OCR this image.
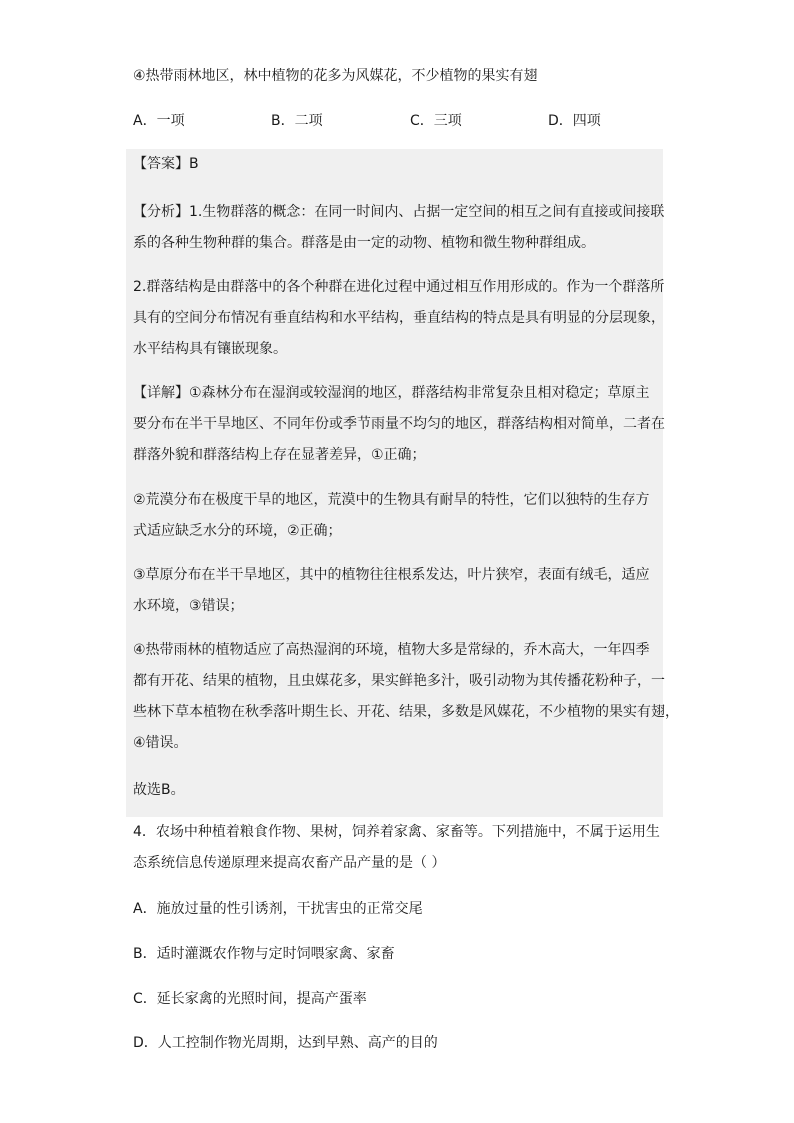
④热带雨林地区，林中植物的花多为风媒花，不少植物的果实有翅
A．一项	B．二项	C．三项	D．四项
【答案】B
【分析】1.生物群落的概念：在同一时间内、占据一定空间的相互之间有直接或间接联
系的各种生物种群的集合。群落是由一定的动物、植物和微生物种群组成。
2.群落结构是由群落中的各个种群在进化过程中通过相互作用形成的。作为一个群落所
具有的空间分布情况有垂直结构和水平结构，垂直结构的特点是具有明显的分层现象，
水平结构具有镶嵌现象。
【详解】①森林分布在湿润或较湿润的地区，群落结构非常复杂且相对稳定；草原主
要分布在半干旱地区、不同年份或季节雨量不均匀的地区，群落结构相对简单，二者在
群落外貌和群落结构上存在显著差异，①正确；
②荒漠分布在极度干旱的地区，荒漠中的生物具有耐旱的特性，它们以独特的生存方
式适应缺乏水分的环境，②正确；
③草原分布在半干旱地区，其中的植物往往根系发达，叶片狭窄，表面有绒毛，适应
水环境，③错误；
④热带雨林的植物适应了高热湿润的环境，植物大多是常绿的，乔木高大，一年四季
都有开花、结果的植物，且虫媒花多，果实鲜艳多汁，吸引动物为其传播花粉种子，一
些林下草本植物在秋季落叶期生长、开花、结果，多数是风媒花，不少植物的果实有翅，
④错误。
故选B。
4．农场中种植着粮食作物、果树，饲养着家禽、家畜等。下列措施中，不属于运用生
态系统信息传递原理来提高农畜产品产量的是（ ）
A．施放过量的性引诱剂，干扰害虫的正常交尾
B．适时灌溉农作物与定时饲喂家禽、家畜
C．延长家禽的光照时间，提高产蛋率
D．人工控制作物光周期，达到早熟、高产的目的
